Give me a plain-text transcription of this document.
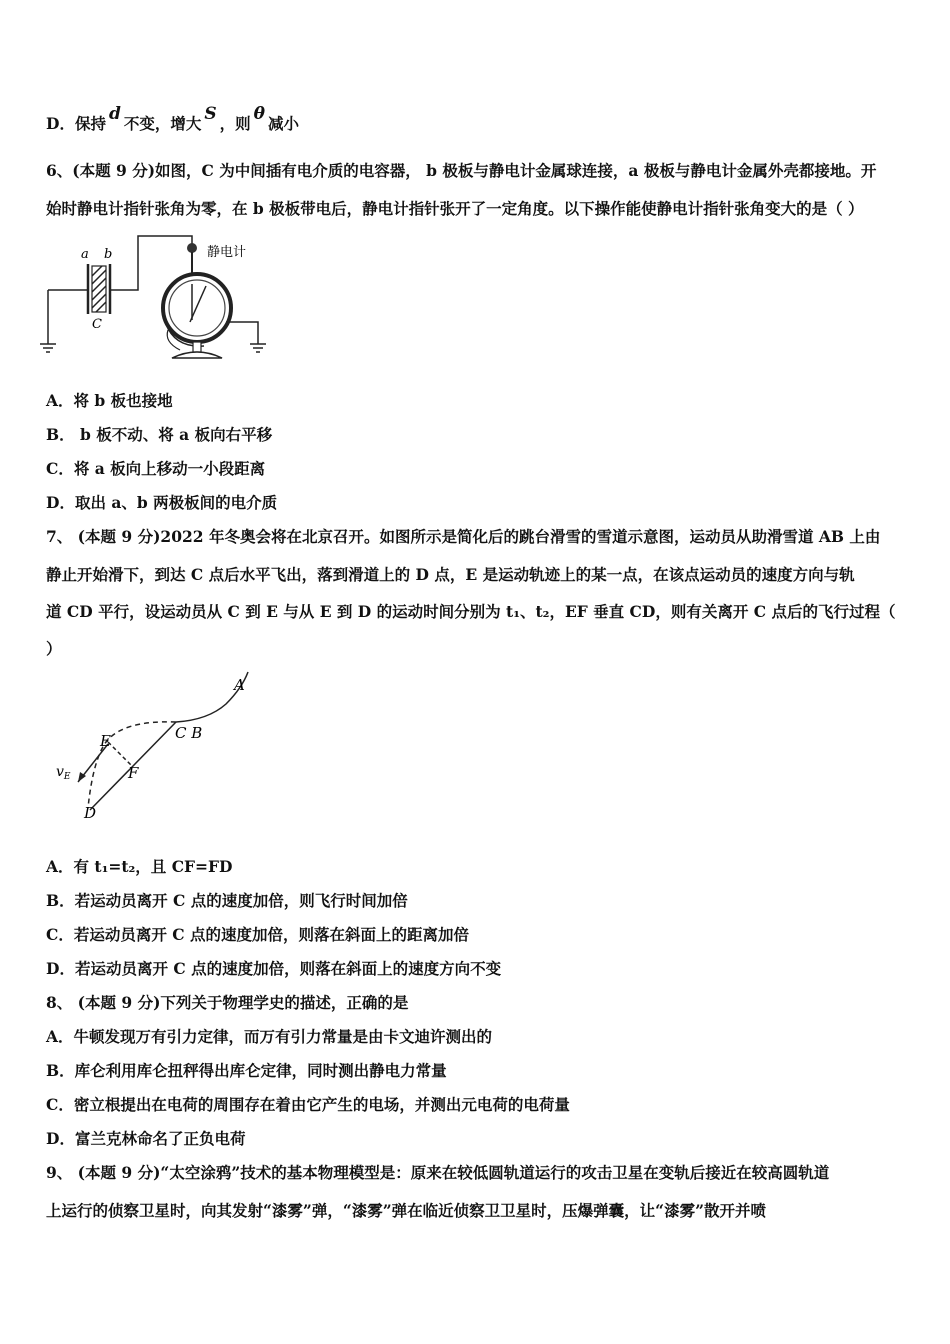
D．保持 d 不变，增大 S ，则 θ 减小
6、(本题 9 分)如图，C 为中间插有电介质的电容器， b 极板与静电计金属球连接，a 极板与静电计金属外壳都接地。开
始时静电计指针张角为零，在 b 极板带电后，静电计指针张开了一定角度。以下操作能使静电计指针张角变大的是（ ）
a b
C
静电计
A．将 b 板也接地
B． b 板不动、将 a 板向右平移
C．将 a 板向上移动一小段距离
D．取出 a、b 两极板间的电介质
7、 (本题 9 分)2022 年冬奥会将在北京召开。如图所示是简化后的跳台滑雪的雪道示意图，运动员从助滑雪道 AB 上由
静止开始滑下，到达 C 点后水平飞出，落到滑道上的 D 点，E 是运动轨迹上的某一点，在该点运动员的速度方向与轨
道 CD 平行，设运动员从 C 到 E 与从 E 到 D 的运动时间分别为 t₁、t₂，EF 垂直 CD，则有关离开 C 点后的飞行过程（
）
A
C B
E
F
D
$v_E$
A．有 t₁=t₂，且 CF=FD
B．若运动员离开 C 点的速度加倍，则飞行时间加倍
C．若运动员离开 C 点的速度加倍，则落在斜面上的距离加倍
D．若运动员离开 C 点的速度加倍，则落在斜面上的速度方向不变
8、 (本题 9 分)下列关于物理学史的描述，正确的是
A．牛顿发现万有引力定律，而万有引力常量是由卡文迪许测出的
B．库仑利用库仑扭秤得出库仑定律，同时测出静电力常量
C．密立根提出在电荷的周围存在着由它产生的电场，并测出元电荷的电荷量
D．富兰克林命名了正负电荷
9、 (本题 9 分)“太空涂鸦”技术的基本物理模型是：原来在较低圆轨道运行的攻击卫星在变轨后接近在较高圆轨道
上运行的侦察卫星时，向其发射“漆雾”弹，“漆雾”弹在临近侦察卫卫星时，压爆弹囊，让“漆雾”散开并喷
